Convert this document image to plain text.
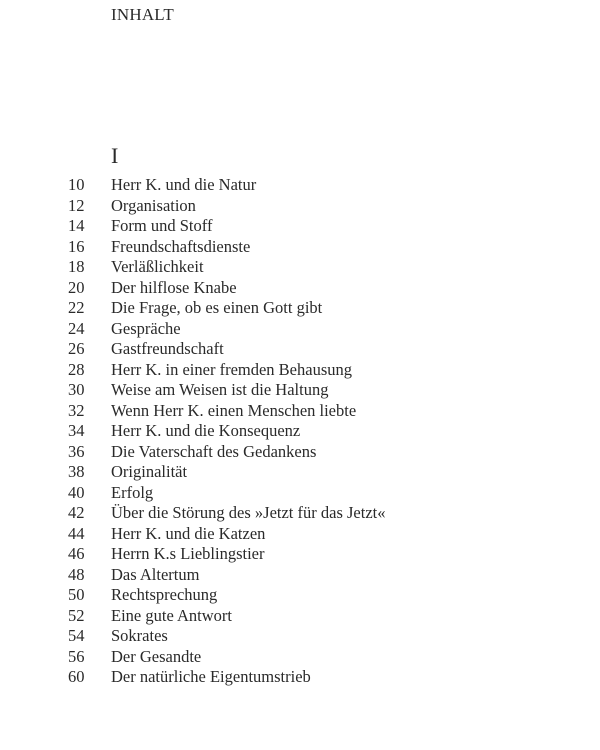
INHALT
I
10	Herr K. und die Natur
12	Organisation
14	Form und Stoff
16	Freundschaftsdienste
18	Verläßlichkeit
20	Der hilflose Knabe
22	Die Frage, ob es einen Gott gibt
24	Gespräche
26	Gastfreundschaft
28	Herr K. in einer fremden Behausung
30	Weise am Weisen ist die Haltung
32	Wenn Herr K. einen Menschen liebte
34	Herr K. und die Konsequenz
36	Die Vaterschaft des Gedankens
38	Originalität
40	Erfolg
42	Über die Störung des »Jetzt für das Jetzt«
44	Herr K. und die Katzen
46	Herrn K.s Lieblingstier
48	Das Altertum
50	Rechtsprechung
52	Eine gute Antwort
54	Sokrates
56	Der Gesandte
60	Der natürliche Eigentumstrieb
